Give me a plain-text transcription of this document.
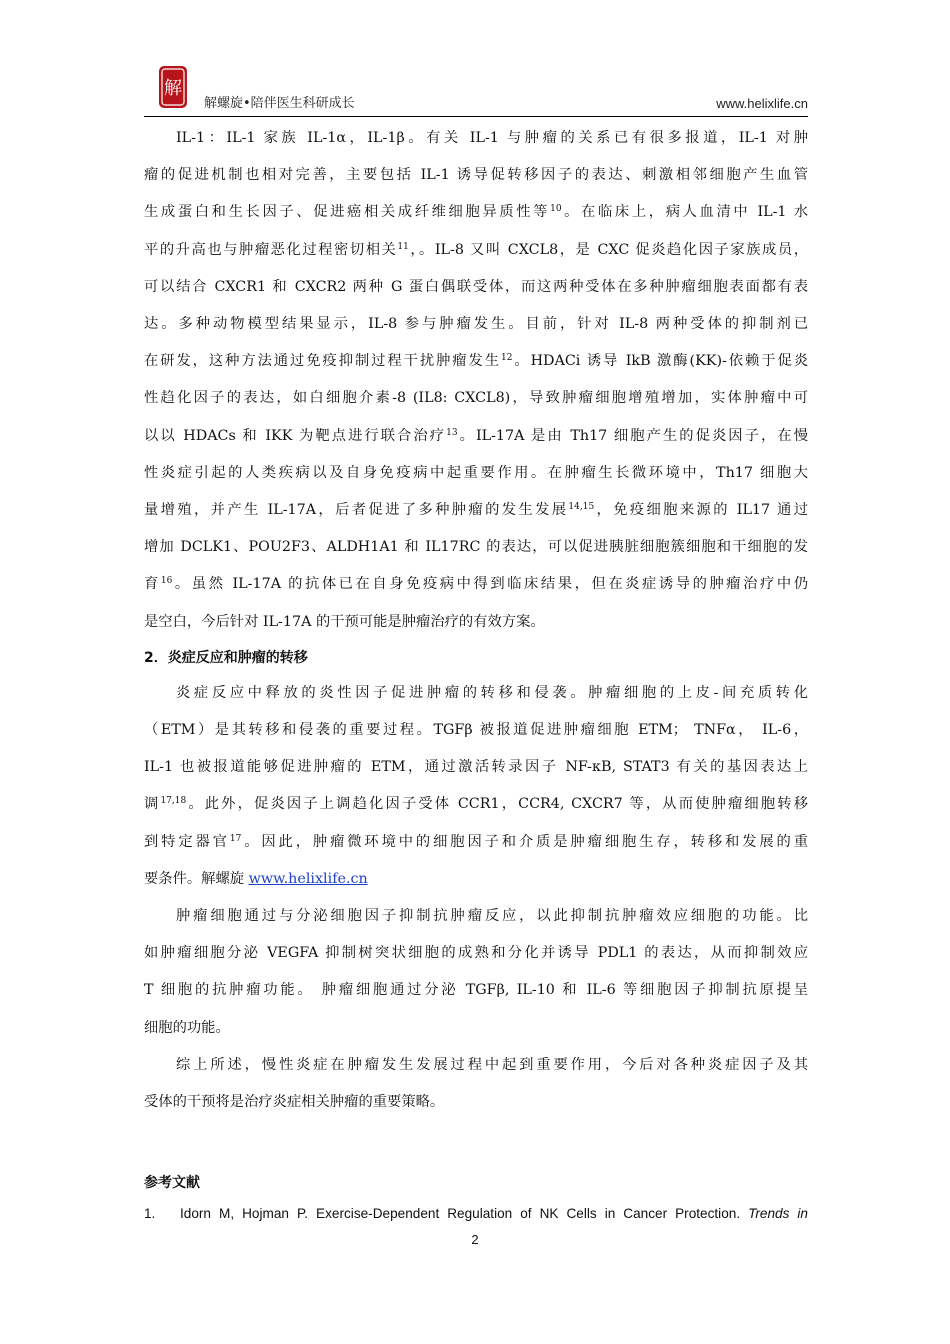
解
解螺旋•陪伴医生科研成长	www.helixlife.cn

IL-1：IL-1 家族 IL-1α，IL-1β。有关 IL-1 与肿瘤的关系已有很多报道，IL-1 对肿

瘤的促进机制也相对完善，主要包括 IL-1 诱导促转移因子的表达、刺激相邻细胞产生血管

生成蛋白和生长因子、促进癌相关成纤维细胞异质性等$^{10}$。在临床上，病人血清中 IL-1 水

平的升高也与肿瘤恶化过程密切相关$^{11}$，。IL-8 又叫 CXCL8，是 CXC 促炎趋化因子家族成员，

可以结合 CXCR1 和 CXCR2 两种 G 蛋白偶联受体，而这两种受体在多种肿瘤细胞表面都有表

达。多种动物模型结果显示，IL-8 参与肿瘤发生。目前，针对 IL-8 两种受体的抑制剂已

在研发，这种方法通过免疫抑制过程干扰肿瘤发生$^{12}$。HDACi 诱导 IkB 激酶(KK)-依赖于促炎

性趋化因子的表达，如白细胞介素-8 (IL8: CXCL8)，导致肿瘤细胞增殖增加，实体肿瘤中可

以以 HDACs 和 IKK 为靶点进行联合治疗$^{13}$。IL-17A 是由 Th17 细胞产生的促炎因子，在慢

性炎症引起的人类疾病以及自身免疫病中起重要作用。在肿瘤生长微环境中，Th17 细胞大

量增殖，并产生 IL-17A，后者促进了多种肿瘤的发生发展$^{14,15}$，免疫细胞来源的 IL17 通过

增加 DCLK1、POU2F3、ALDH1A1 和 IL17RC 的表达，可以促进胰脏细胞簇细胞和干细胞的发

育$^{16}$。虽然 IL-17A 的抗体已在自身免疫病中得到临床结果，但在炎症诱导的肿瘤治疗中仍

是空白，今后针对 IL-17A 的干预可能是肿瘤治疗的有效方案。

2．炎症反应和肿瘤的转移

炎症反应中释放的炎性因子促进肿瘤的转移和侵袭。肿瘤细胞的上皮-间充质转化

（ETM）是其转移和侵袭的重要过程。TGFβ 被报道促进肿瘤细胞 ETM； TNFα， IL-6，

IL-1 也被报道能够促进肿瘤的 ETM，通过激活转录因子 NF-κB, STAT3 有关的基因表达上

调$^{17,18}$。此外，促炎因子上调趋化因子受体 CCR1，CCR4, CXCR7 等，从而使肿瘤细胞转移

到特定器官$^{17}$。因此，肿瘤微环境中的细胞因子和介质是肿瘤细胞生存，转移和发展的重

要条件。解螺旋 www.helixlife.cn

肿瘤细胞通过与分泌细胞因子抑制抗肿瘤反应，以此抑制抗肿瘤效应细胞的功能。比

如肿瘤细胞分泌 VEGFA 抑制树突状细胞的成熟和分化并诱导 PDL1 的表达，从而抑制效应

T 细胞的抗肿瘤功能。 肿瘤细胞通过分泌 TGFβ, IL-10 和 IL-6 等细胞因子抑制抗原提呈

细胞的功能。

综上所述，慢性炎症在肿瘤发生发展过程中起到重要作用，今后对各种炎症因子及其

受体的干预将是治疗炎症相关肿瘤的重要策略。

参考文献
1. Idorn M, Hojman P. Exercise-Dependent Regulation of NK Cells in Cancer Protection. Trends in
2
